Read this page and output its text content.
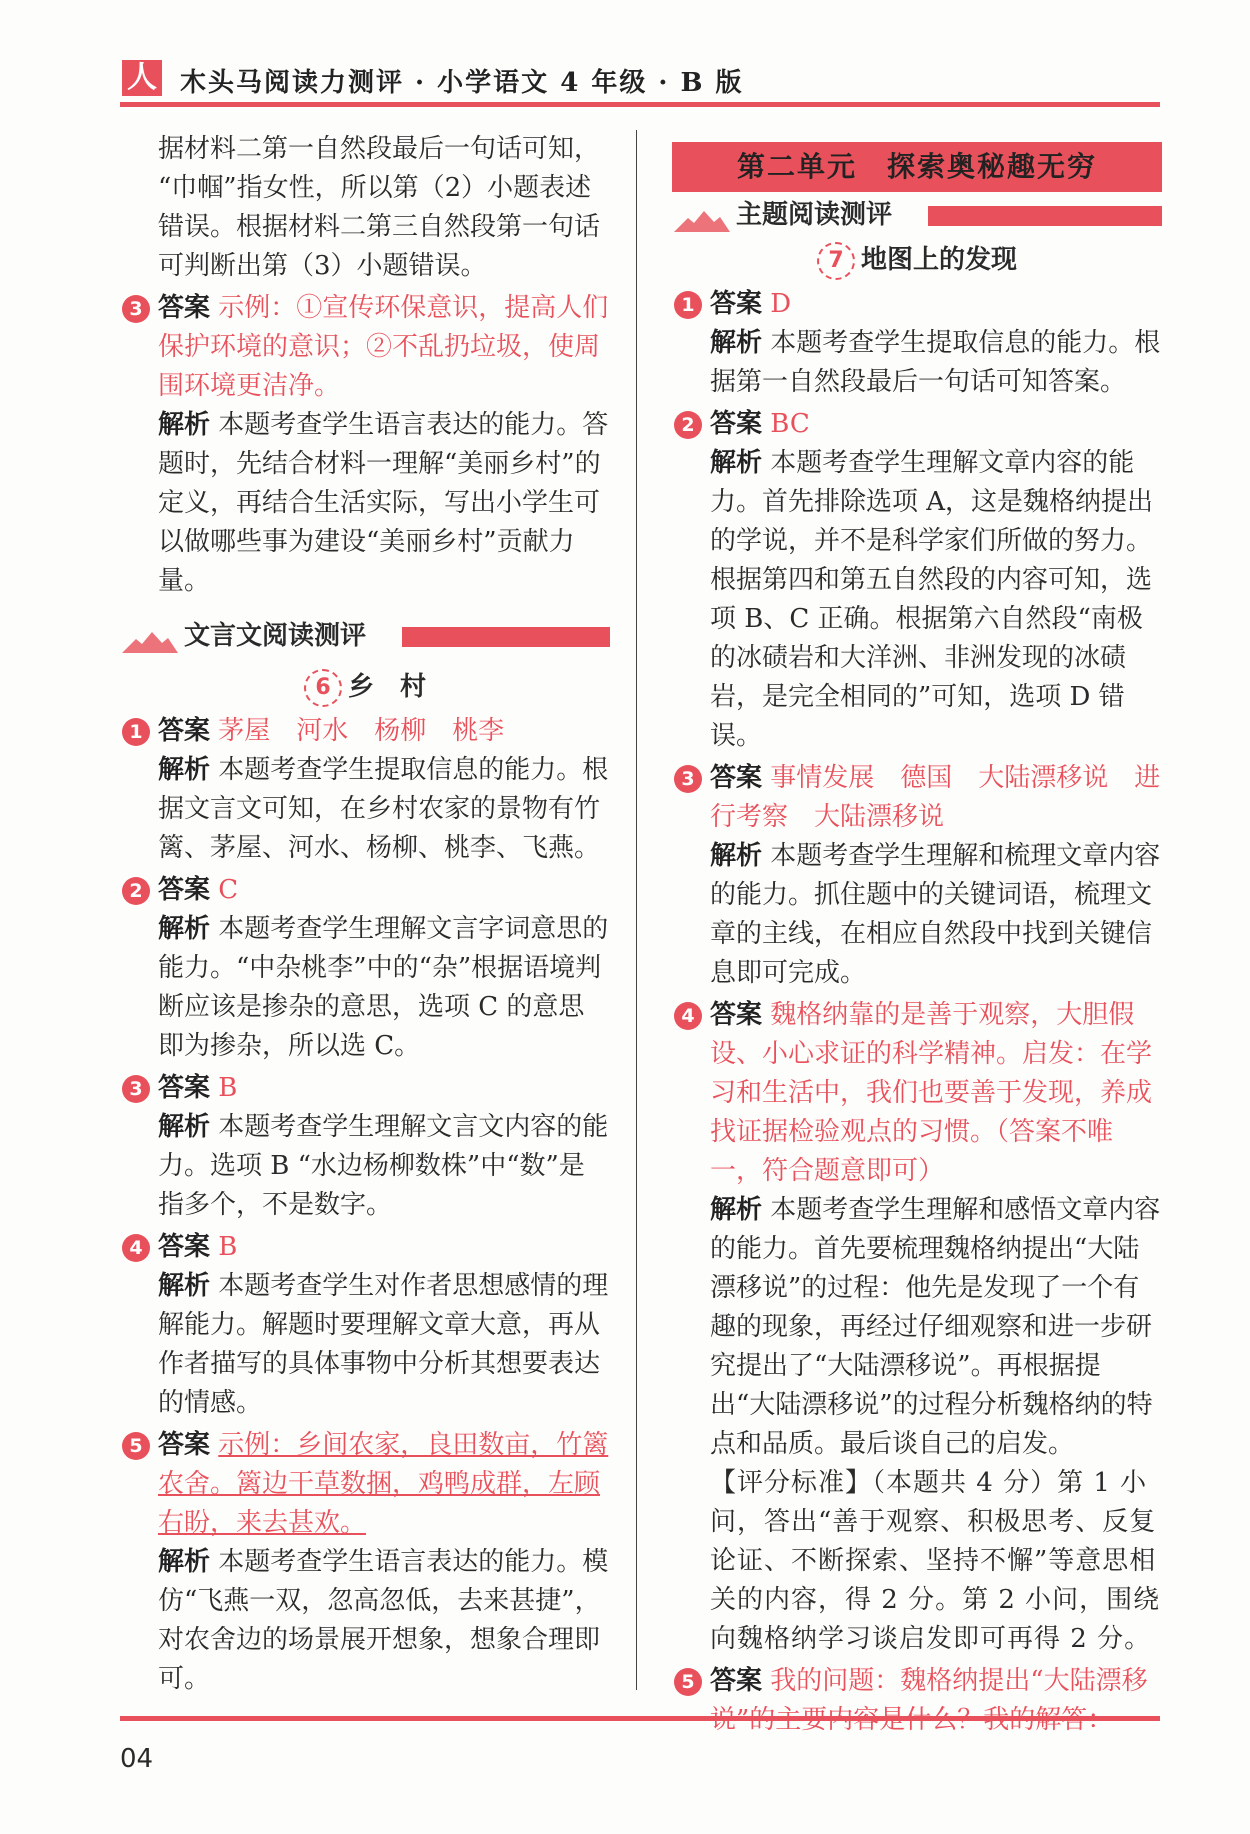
人 木头马阅读力测评 · 小学语文 4 年级 · B 版

据材料二第一自然段最后一句话可知，

“巾帼”指女性，所以第（2）小题表述

错误。根据材料二第三自然段第一句话

可判断出第（3）小题错误。

3 答案 示例：①宣传环保意识，提高人们保护环境的意识；②不乱扔垃圾，使周围环境更洁净。

解析 本题考查学生语言表达的能力。答题时，先结合材料一理解“美丽乡村”的定义，再结合生活实际，写出小学生可以做哪些事为建设“美丽乡村”贡献力量。

文言文阅读测评
6 乡　村
1 答案 茅屋　河水　杨柳　桃李

解析 本题考查学生提取信息的能力。根据文言文可知，在乡村农家的景物有竹篱、茅屋、河水、杨柳、桃李、飞燕。

2 答案 C

解析 本题考查学生理解文言字词意思的能力。“中杂桃李”中的“杂”根据语境判断应该是掺杂的意思，选项 C 的意思即为掺杂，所以选 C。

3 答案 B

解析 本题考查学生理解文言文内容的能力。选项 B “水边杨柳数株”中“数”是指多个，不是数字。

4 答案 B

解析 本题考查学生对作者思想感情的理解能力。解题时要理解文章大意，再从作者描写的具体事物中分析其想要表达的情感。

5 答案 示例：乡间农家，良田数亩，竹篱农舍。篱边干草数捆，鸡鸭成群，左顾右盼，来去甚欢。

解析 本题考查学生语言表达的能力。模仿“飞燕一双，忽高忽低，去来甚捷”，对农舍边的场景展开想象，想象合理即可。

第二单元　探索奥秘趣无穷
主题阅读测评
7 地图上的发现
1 答案 D

解析 本题考查学生提取信息的能力。根据第一自然段最后一句话可知答案。

2 答案 BC

解析 本题考查学生理解文章内容的能力。首先排除选项 A，这是魏格纳提出的学说，并不是科学家们所做的努力。根据第四和第五自然段的内容可知，选项 B、C 正确。根据第六自然段“南极的冰碛岩和大洋洲、非洲发现的冰碛岩，是完全相同的”可知，选项 D 错误。

3 答案 事情发展　德国　大陆漂移说　进行考察　大陆漂移说

解析 本题考查学生理解和梳理文章内容的能力。抓住题中的关键词语，梳理文章的主线，在相应自然段中找到关键信息即可完成。

4 答案 魏格纳靠的是善于观察，大胆假设、小心求证的科学精神。启发：在学习和生活中，我们也要善于发现，养成找证据检验观点的习惯。（答案不唯一，符合题意即可）

解析 本题考查学生理解和感悟文章内容的能力。首先要梳理魏格纳提出“大陆漂移说”的过程：他先是发现了一个有趣的现象，再经过仔细观察和进一步研究提出了“大陆漂移说”。再根据提出“大陆漂移说”的过程分析魏格纳的特点和品质。最后谈自己的启发。

【评分标准】（本题共 4 分）第 1 小问，答出“善于观察、积极思考、反复论证、不断探索、坚持不懈”等意思相关的内容，得 2 分。第 2 小问，围绕向魏格纳学习谈启发即可再得 2 分。

5 答案 我的问题：魏格纳提出“大陆漂移

04
